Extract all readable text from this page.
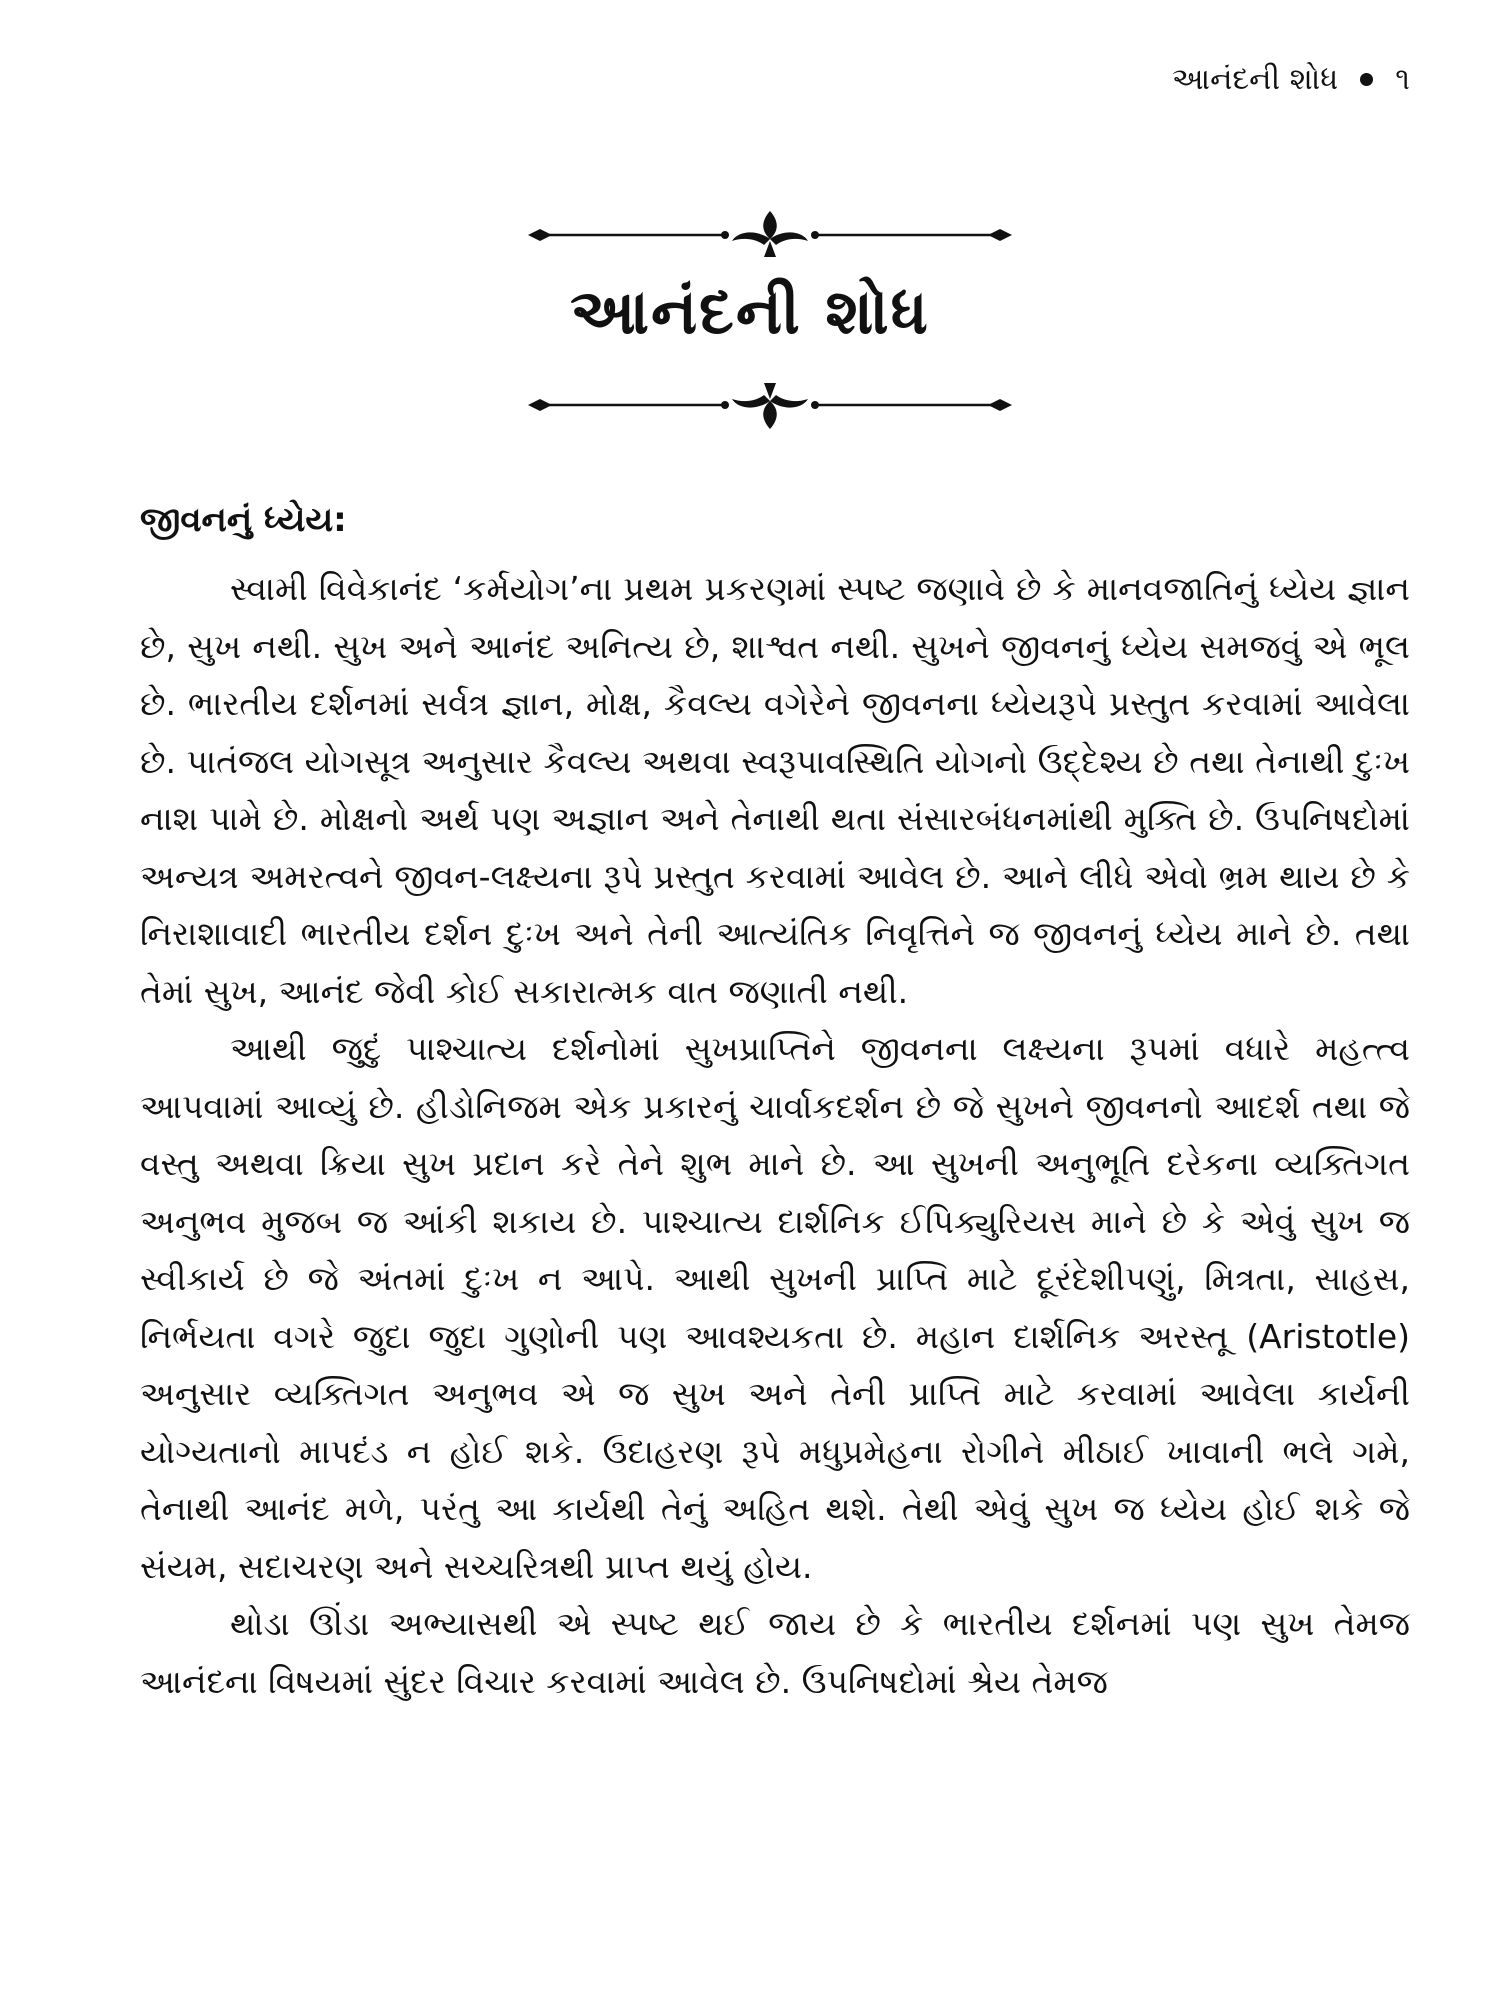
આનંદની શોધ ૧
આનંદની શોધ
જીવનનું ધ્યેય:

સ્વામી વિવેકાનંદ ‘કર્મયોગ’ના પ્રથમ પ્રકરણમાં સ્પષ્ટ જણાવે છે કે માનવજાતિનું ધ્યેય જ્ઞાન છે, સુખ નથી. સુખ અને આનંદ અનિત્ય છે, શાશ્વત નથી. સુખને જીવનનું ધ્યેય સમજવું એ ભૂલ છે. ભારતીય દર્શનમાં સર્વત્ર જ્ઞાન, મોક્ષ, કૈવલ્ય વગેરેને જીવનના ધ્યેયરૂપે પ્રસ્તુત કરવામાં આવેલા છે. પાતંજલ યોગસૂત્ર અનુસાર કૈવલ્ય અથવા સ્વરૂપાવસ્થિતિ યોગનો ઉદ્દેશ્ય છે તથા તેનાથી દુઃખ નાશ પામે છે. મોક્ષનો અર્થ પણ અજ્ઞાન અને તેનાથી થતા સંસારબંધનમાંથી મુક્તિ છે. ઉપનિષદોમાં અન્યત્ર અમરત્વને જીવન-લક્ષ્યના રૂપે પ્રસ્તુત કરવામાં આવેલ છે. આને લીધે એવો ભ્રમ થાય છે કે નિરાશાવાદી ભારતીય દર્શન દુઃખ અને તેની આત્યંતિક નિવૃત્તિને જ જીવનનું ધ્યેય માને છે. તથા તેમાં સુખ, આનંદ જેવી કોઈ સકારાત્મક વાત જણાતી નથી.

આથી જુદું પાશ્ચાત્ય દર્શનોમાં સુખપ્રાપ્તિને જીવનના લક્ષ્યના રૂપમાં વધારે મહત્ત્વ આપવામાં આવ્યું છે. હીડોનિજમ એક પ્રકારનું ચાર્વાકદર્શન છે જે સુખને જીવનનો આદર્શ તથા જે વસ્તુ અથવા ક્રિયા સુખ પ્રદાન કરે તેને શુભ માને છે. આ સુખની અનુભૂતિ દરેકના વ્યક્તિગત અનુભવ મુજબ જ આંકી શકાય છે. પાશ્ચાત્ય દાર્શનિક ઈપિક્યુરિયસ માને છે કે એવું સુખ જ સ્વીકાર્ય છે જે અંતમાં દુઃખ ન આપે. આથી સુખની પ્રાપ્તિ માટે દૂરંદેશીપણું, મિત્રતા, સાહસ, નિર્ભયતા વગરે જુદા જુદા ગુણોની પણ આવશ્યકતા છે. મહાન દાર્શનિક અરસ્તૂ (Aristotle) અનુસાર વ્યક્તિગત અનુભવ એ જ સુખ અને તેની પ્રાપ્તિ માટે કરવામાં આવેલા કાર્યની યોગ્યતાનો માપદંડ ન હોઈ શકે. ઉદાહરણ રૂપે મધુપ્રમેહના રોગીને મીઠાઈ ખાવાની ભલે ગમે, તેનાથી આનંદ મળે, પરંતુ આ કાર્યથી તેનું અહિત થશે. તેથી એવું સુખ જ ધ્યેય હોઈ શકે જે સંયમ, સદાચરણ અને સચ્ચરિત્રથી પ્રાપ્ત થયું હોય.

થોડા ઊંડા અભ્યાસથી એ સ્પષ્ટ થઈ જાય છે કે ભારતીય દર્શનમાં પણ સુખ તેમજ આનંદના વિષયમાં સુંદર વિચાર કરવામાં આવેલ છે. ઉપનિષદોમાં શ્રેય તેમજ
